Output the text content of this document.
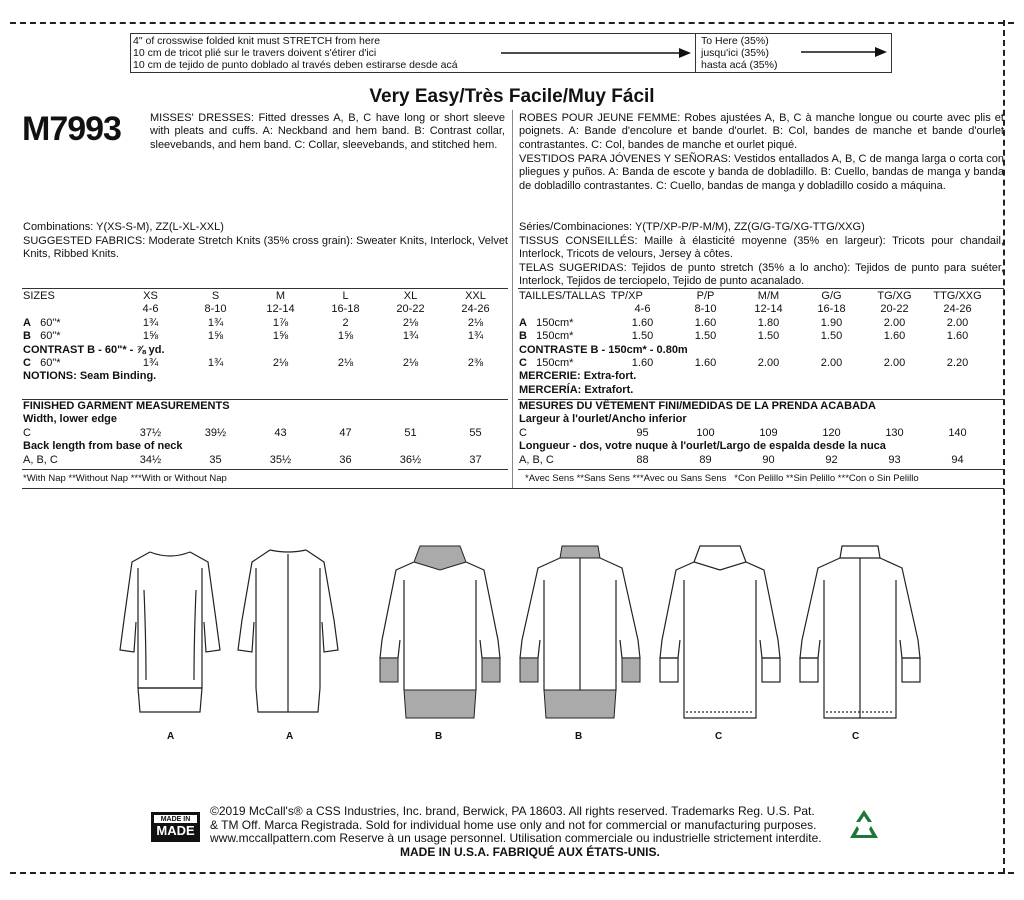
4" of crosswise folded knit must STRETCH from here
10 cm de tricot plié sur le travers doivent s'étirer d'ici
10 cm de tejido de punto doblado al través deben estirarse desde acá
To Here (35%)
jusqu'ici (35%)
hasta acá (35%)
Very Easy/Très Facile/Muy Fácil
M7993	MISSES' DRESSES: Fitted dresses A, B, C have long or short sleeve with pleats and cuffs. A: Neckband and hem band. B: Contrast collar, sleevebands, and hem band. C: Collar, sleevebands, and stitched hem.
ROBES POUR JEUNE FEMME: Robes ajustées A, B, C à manche longue ou courte avec plis et poignets. A: Bande d'encolure et bande d'ourlet. B: Col, bandes de manche et bande d'ourlet contrastantes. C: Col, bandes de manche et ourlet piqué.
VESTIDOS PARA JÓVENES Y SEÑORAS: Vestidos entallados A, B, C de manga larga o corta con pliegues y puños. A: Banda de escote y banda de dobladillo. B: Cuello, bandas de manga y banda de dobladillo contrastantes. C: Cuello, bandas de manga y dobladillo cosido a máquina.
Combinations: Y(XS-S-M), ZZ(L-XL-XXL)
SUGGESTED FABRICS: Moderate Stretch Knits (35% cross grain): Sweater Knits, Interlock, Velvet Knits, Ribbed Knits.
SIZES	XS	S	M	L	XL	XXL
	4-6	8-10	12-14	16-18	20-22	24-26
A 60"*	1¾	1¾	1⅞	2	2⅛	2⅛
B 60"*	1⅝	1⅝	1⅝	1⅝	1¾	1¾
CONTRAST B - 60"* - ⅞ yd.						
C 60"*	1¾	1¾	2⅛	2⅛	2⅛	2⅜
NOTIONS: Seam Binding.						
FINISHED GARMENT MEASUREMENTS						
Width, lower edge						
C	37½	39½	43	47	51	55
Back length from base of neck						
A, B, C	34½	35	35½	36	36½	37
*With Nap **Without Nap ***With or Without Nap
Séries/Combinaciones: Y(TP/XP-P/P-M/M), ZZ(G/G-TG/XG-TTG/XXG)
TISSUS CONSEILLÉS: Maille à élasticité moyenne (35% en largeur): Tricots pour chandail, Interlock, Tricots de velours, Jersey à côtes.
TELAS SUGERIDAS: Tejidos de punto stretch (35% a lo ancho): Tejidos de punto para suéter, Interlock, Tejidos de terciopelo, Tejido de punto acanalado.
TAILLES/TALLAS	TP/XP	P/P	M/M	G/G	TG/XG	TTG/XXG
	4-6	8-10	12-14	16-18	20-22	24-26
A 150cm*	1.60	1.60	1.80	1.90	2.00	2.00
B 150cm*	1.50	1.50	1.50	1.50	1.60	1.60
CONTRASTE B - 150cm* - 0.80m						
C 150cm*	1.60	1.60	2.00	2.00	2.00	2.20
MERCERIE: Extra-fort.						
MERCERÍA: Extrafort.						
MESURES DU VÊTEMENT FINI/MEDIDAS DE LA PRENDA ACABADA						
Largeur à l'ourlet/Ancho inferior						
C	95	100	109	120	130	140
Longueur - dos, votre nuque à l'ourlet/Largo de espalda desde la nuca						
A, B, C	88	89	90	92	93	94
*Avec Sens **Sans Sens ***Avec ou Sans Sens   *Con Pelillo **Sin Pelillo ***Con o Sin Pelillo
A	A	B	B	C	C
MADE IN
MADE IN USA
©2019 McCall's® a CSS Industries, Inc. brand, Berwick, PA 18603. All rights reserved. Trademarks Reg. U.S. Pat.
& TM Off. Marca Registrada. Sold for individual home use only and not for commercial or manufacturing purposes.
www.mccallpattern.com Reserve à un usage personnel. Utilisation commerciale ou industrielle strictement interdite.
MADE IN U.S.A. FABRIQUÉ AUX ÉTATS-UNIS.
